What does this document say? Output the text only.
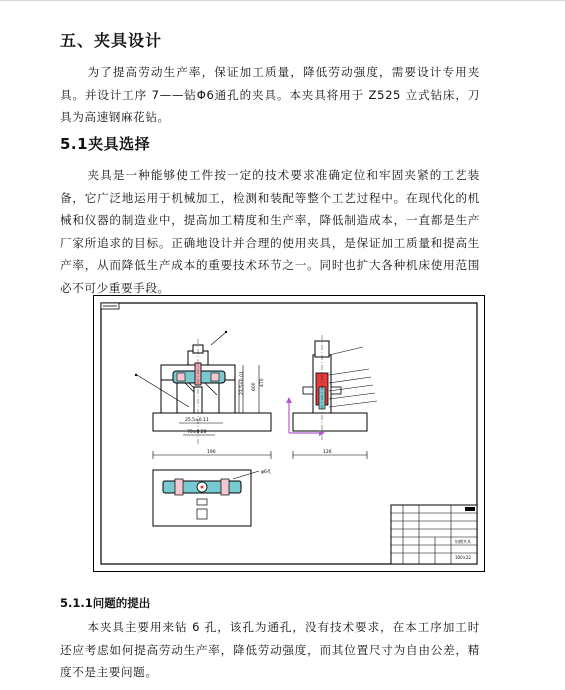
五、夹具设计
为了提高劳动生产率，保证加工质量，降低劳动强度，需要设计专用夹具。并设计工序 7——钻Φ6通孔的夹具。本夹具将用于 Z525 立式钻床，刀具为高速钢麻花钻。
5.1夹具选择
夹具是一种能够使工件按一定的技术要求准确定位和牢固夹紧的工艺装备，它广泛地运用于机械加工，检测和装配等整个工艺过程中。在现代化的机械和仪器的制造业中，提高加工精度和生产率，降低制造成本，一直都是生产厂家所追求的目标。正确地设计并合理的使用夹具，是保证加工质量和提高生产率，从而降低生产成本的重要技术环节之一。同时也扩大各种机床使用范围必不可少重要手段。
25.5±0.11
70±0.20
190	126
φ6孔
钻模夹具
100×22
23.5±0.01 600 470
5.1.1问题的提出
本夹具主要用来钻 6 孔，该孔为通孔，没有技术要求，在本工序加工时还应考虑如何提高劳动生产率，降低劳动强度，而其位置尺寸为自由公差，精度不是主要问题。
